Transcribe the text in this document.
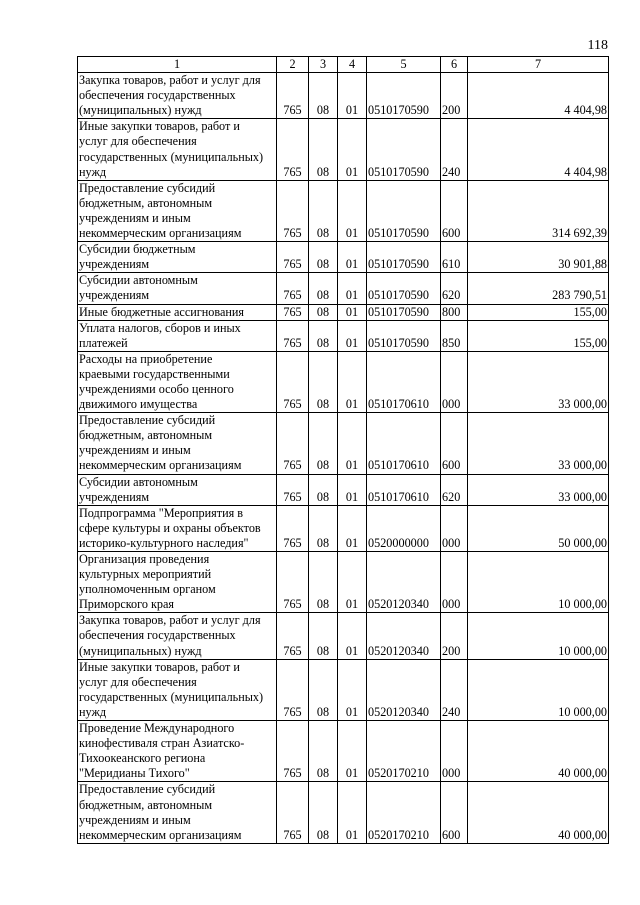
118
1	2	3	4	5	6	7
Закупка товаров, работ и услуг для
обеспечения государственных
(муниципальных) нужд	765	08	01	0510170590	200	4 404,98
Иные закупки товаров, работ и
услуг для обеспечения
государственных (муниципальных)
нужд	765	08	01	0510170590	240	4 404,98
Предоставление субсидий
бюджетным, автономным
учреждениям и иным
некоммерческим организациям	765	08	01	0510170590	600	314 692,39
Субсидии бюджетным
учреждениям	765	08	01	0510170590	610	30 901,88
Субсидии автономным
учреждениям	765	08	01	0510170590	620	283 790,51
Иные бюджетные ассигнования	765	08	01	0510170590	800	155,00
Уплата налогов, сборов и иных
платежей	765	08	01	0510170590	850	155,00
Расходы на приобретение
краевыми государственными
учреждениями особо ценного
движимого имущества	765	08	01	0510170610	000	33 000,00
Предоставление субсидий
бюджетным, автономным
учреждениям и иным
некоммерческим организациям	765	08	01	0510170610	600	33 000,00
Субсидии автономным
учреждениям	765	08	01	0510170610	620	33 000,00
Подпрограмма "Мероприятия в
сфере культуры и охраны объектов
историко-культурного наследия"	765	08	01	0520000000	000	50 000,00
Организация проведения
культурных мероприятий
уполномоченным органом
Приморского края	765	08	01	0520120340	000	10 000,00
Закупка товаров, работ и услуг для
обеспечения государственных
(муниципальных) нужд	765	08	01	0520120340	200	10 000,00
Иные закупки товаров, работ и
услуг для обеспечения
государственных (муниципальных)
нужд	765	08	01	0520120340	240	10 000,00
Проведение Международного
кинофестиваля стран Азиатско-
Тихоокеанского региона
"Меридианы Тихого"	765	08	01	0520170210	000	40 000,00
Предоставление субсидий
бюджетным, автономным
учреждениям и иным
некоммерческим организациям	765	08	01	0520170210	600	40 000,00
